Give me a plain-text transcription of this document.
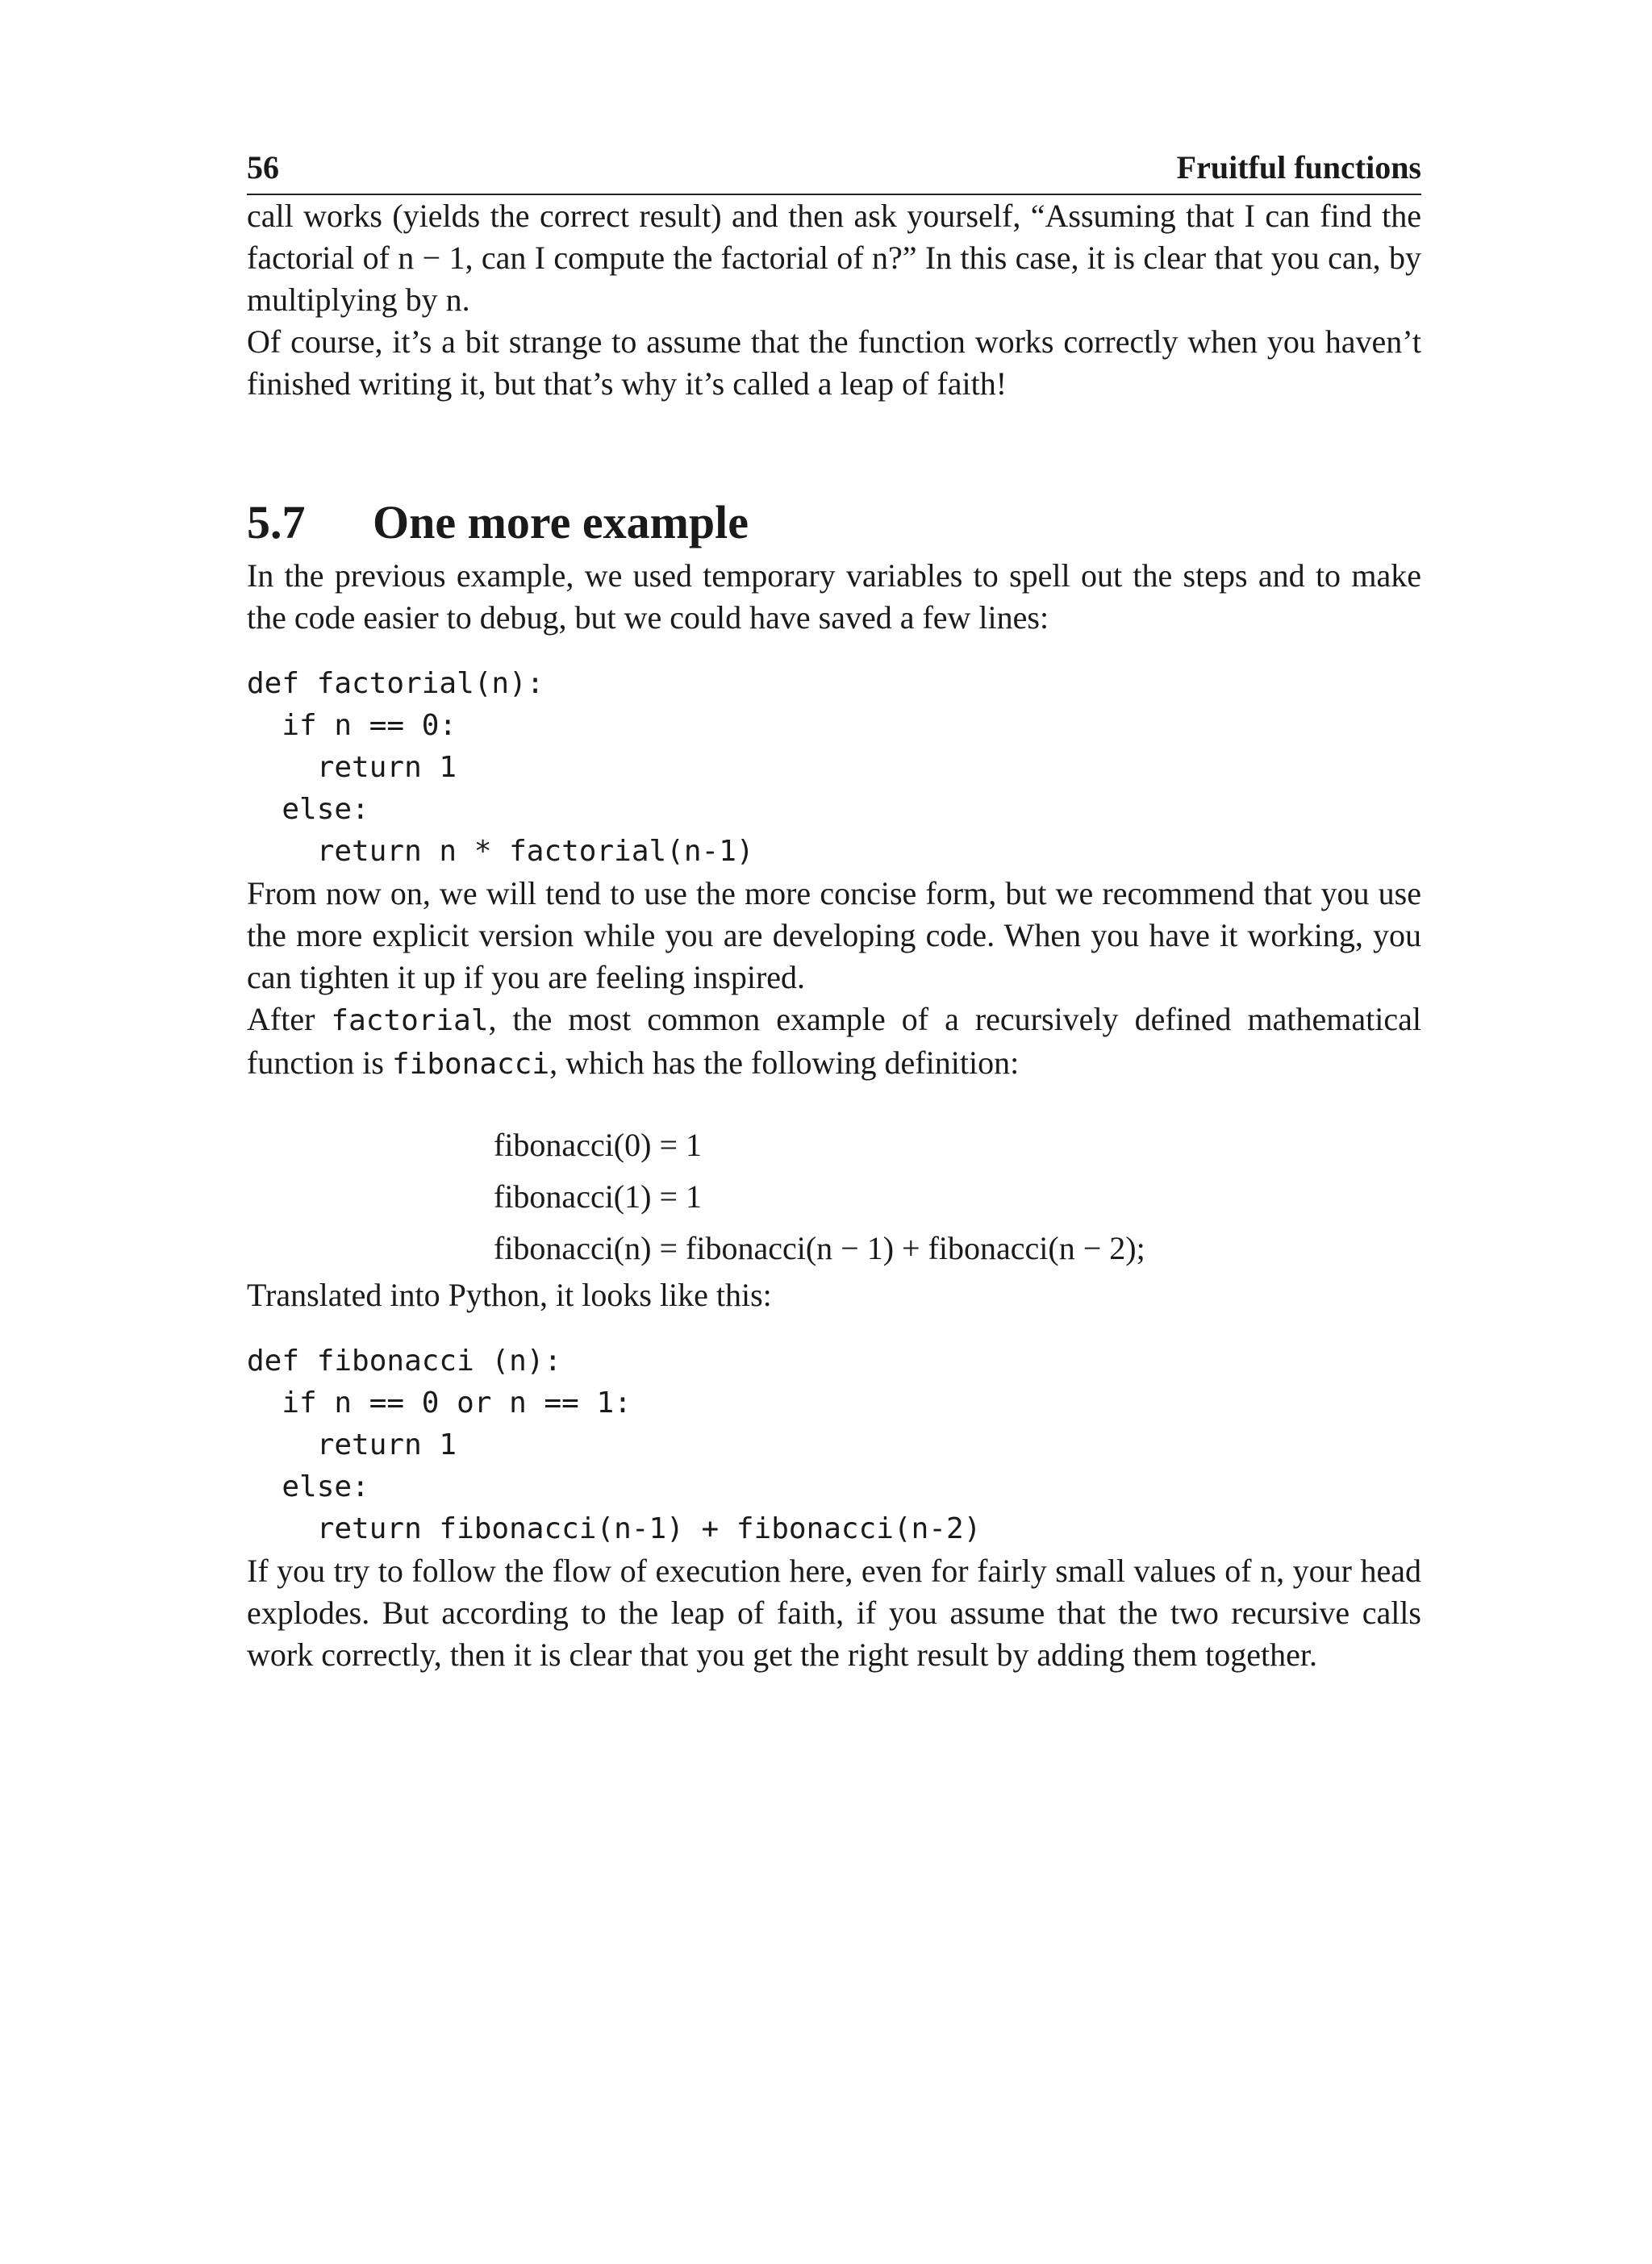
56	Fruitful functions

call works (yields the correct result) and then ask yourself, “Assuming that I can find the factorial of n − 1, can I compute the factorial of n?” In this case, it is clear that you can, by multiplying by n.

Of course, it’s a bit strange to assume that the function works correctly when you haven’t finished writing it, but that’s why it’s called a leap of faith!

5.7 One more example

In the previous example, we used temporary variables to spell out the steps and to make the code easier to debug, but we could have saved a few lines:

def factorial(n):
if n == 0:
return 1
else:
return n * factorial(n-1)

From now on, we will tend to use the more concise form, but we recommend that you use the more explicit version while you are developing code. When you have it working, you can tighten it up if you are feeling inspired.

After factorial, the most common example of a recursively defined mathematical function is fibonacci, which has the following definition:

fibonacci(0) = 1
fibonacci(1) = 1
fibonacci(n) = fibonacci(n − 1) + fibonacci(n − 2);

Translated into Python, it looks like this:

def fibonacci (n):
if n == 0 or n == 1:
return 1
else:
return fibonacci(n-1) + fibonacci(n-2)

If you try to follow the flow of execution here, even for fairly small values of n, your head explodes. But according to the leap of faith, if you assume that the two recursive calls work correctly, then it is clear that you get the right result by adding them together.
